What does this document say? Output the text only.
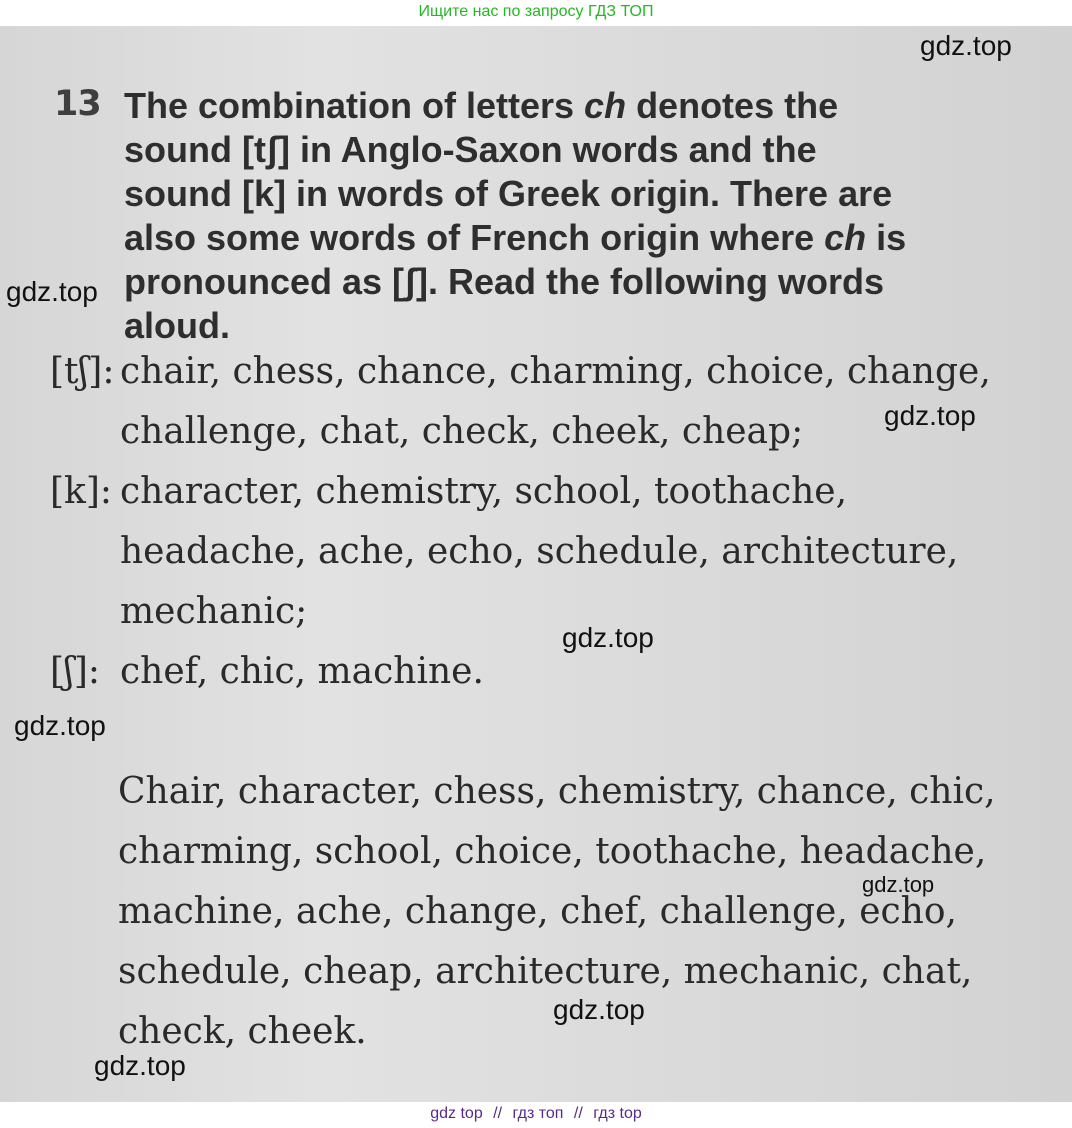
Ищите нас по запросу ГДЗ ТОП
13 The combination of letters ch denotes the
sound [tʃ] in Anglo-Saxon words and the
sound [k] in words of Greek origin. There are
also some words of French origin where ch is
pronounced as [ʃ]. Read the following words
aloud.
[tʃ]: chair, chess, chance, charming, choice, change,
challenge, chat, check, cheek, cheap;
[k]: character, chemistry, school, toothache,
headache, ache, echo, schedule, architecture,
mechanic;
[ʃ]: chef, chic, machine.
Chair, character, chess, chemistry, chance, chic,
charming, school, choice, toothache, headache,
machine, ache, change, chef, challenge, echo,
schedule, cheap, architecture, mechanic, chat,
check, cheek.
gdz.top
gdz.top
gdz.top
gdz.top
gdz.top
gdz.top
gdz.top
gdz.top
gdz top // гдз топ // гдз top
